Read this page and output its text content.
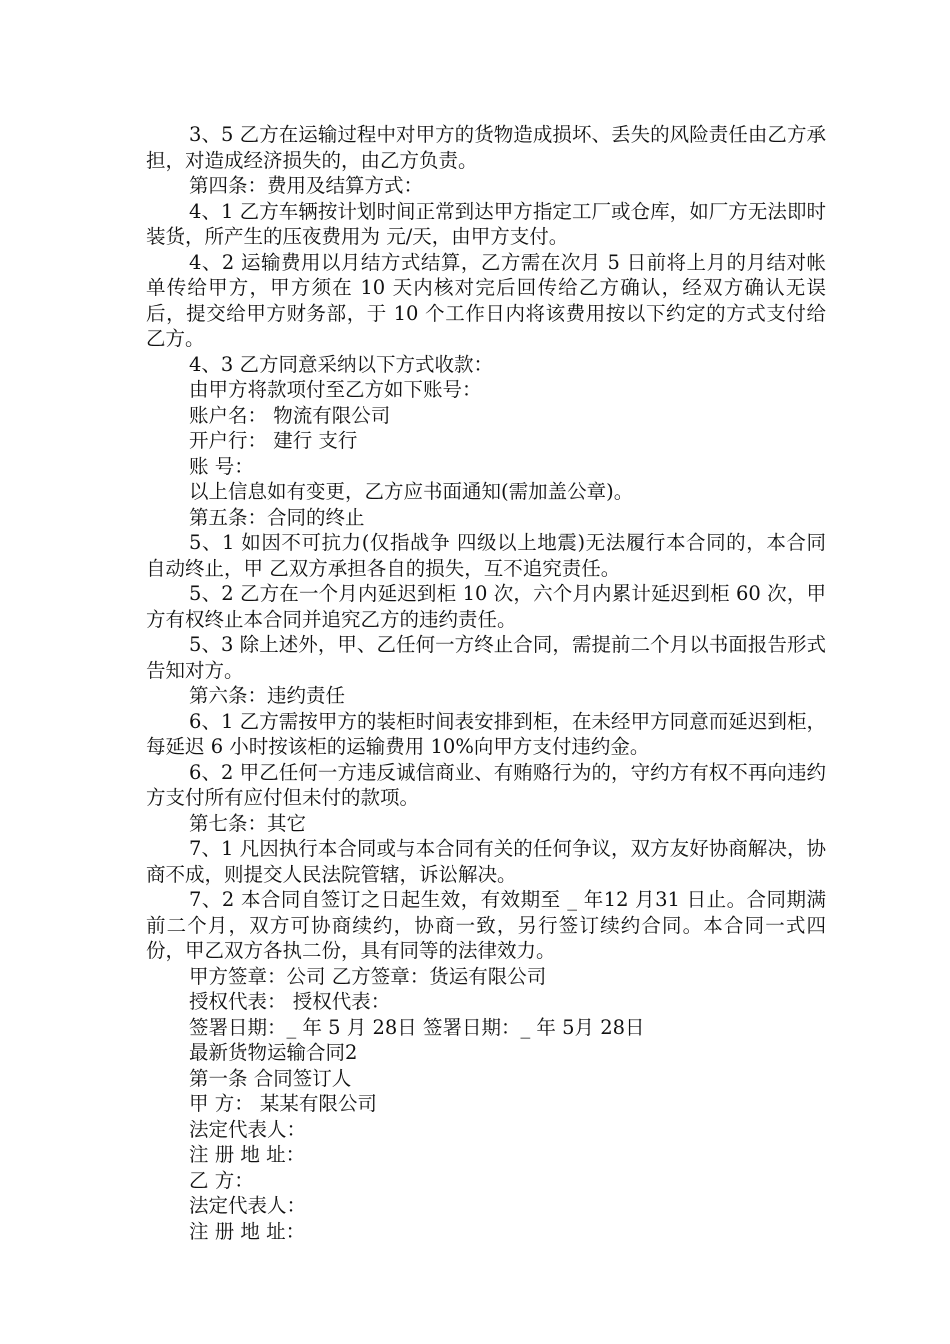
3、5 乙方在运输过程中对甲方的货物造成损坏、丢失的风险责任由乙方承担，对造成经济损失的，由乙方负责。

第四条：费用及结算方式：

4、1 乙方车辆按计划时间正常到达甲方指定工厂或仓库，如厂方无法即时装货，所产生的压夜费用为 元/天，由甲方支付。

4、2 运输费用以月结方式结算，乙方需在次月 5 日前将上月的月结对帐单传给甲方，甲方须在 10 天内核对完后回传给乙方确认，经双方确认无误后，提交给甲方财务部，于 10 个工作日内将该费用按以下约定的方式支付给乙方。

4、3 乙方同意采纳以下方式收款：

由甲方将款项付至乙方如下账号：

账户名： 物流有限公司

开户行： 建行 支行

账 号：

以上信息如有变更，乙方应书面通知(需加盖公章)。

第五条：合同的终止

5、1 如因不可抗力(仅指战争 四级以上地震)无法履行本合同的，本合同自动终止，甲 乙双方承担各自的损失，互不追究责任。

5、2 乙方在一个月内延迟到柜 10 次，六个月内累计延迟到柜 60 次，甲方有权终止本合同并追究乙方的违约责任。

5、3 除上述外，甲、乙任何一方终止合同，需提前二个月以书面报告形式告知对方。

第六条：违约责任

6、1 乙方需按甲方的装柜时间表安排到柜，在未经甲方同意而延迟到柜，每延迟 6 小时按该柜的运输费用 10%向甲方支付违约金。

6、2 甲乙任何一方违反诚信商业、有贿赂行为的，守约方有权不再向违约方支付所有应付但未付的款项。

第七条：其它

7、1 凡因执行本合同或与本合同有关的任何争议，双方友好协商解决，协商不成，则提交人民法院管辖，诉讼解决。

7、2 本合同自签订之日起生效，有效期至 _ 年12 月31 日止。合同期满前二个月，双方可协商续约，协商一致，另行签订续约合同。本合同一式四份，甲乙双方各执二份，具有同等的法律效力。

甲方签章：公司 乙方签章：货运有限公司

授权代表： 授权代表：

签署日期：_ 年 5 月 28日 签署日期：_ 年 5月 28日

最新货物运输合同2

第一条 合同签订人

甲 方： 某某有限公司

法定代表人：

注 册 地 址：

乙 方：

法定代表人：

注 册 地 址：
